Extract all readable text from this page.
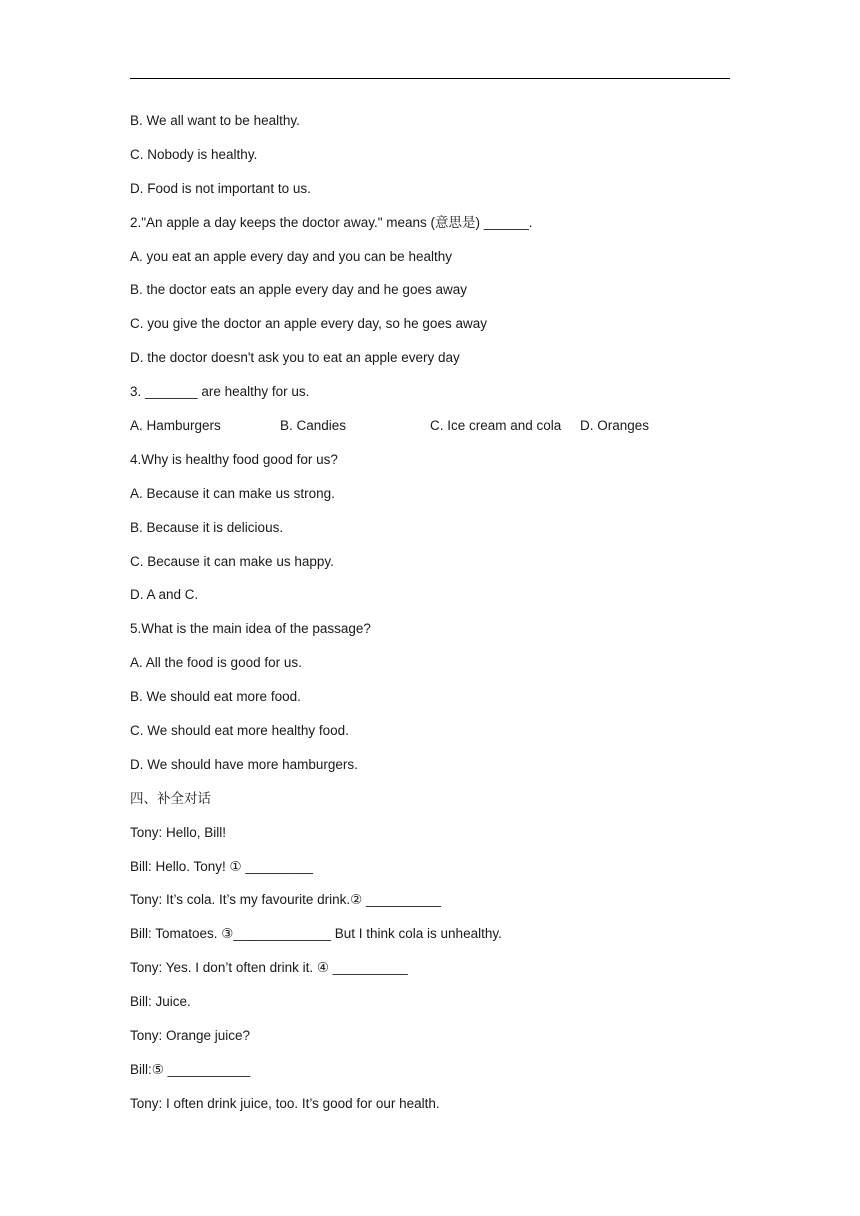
B. We all want to be healthy.
C. Nobody is healthy.
D. Food is not important to us.
2."An apple a day keeps the doctor away." means (意思是) ______.
A. you eat an apple every day and you can be healthy
B. the doctor eats an apple every day and he goes away
C. you give the doctor an apple every day, so he goes away
D. the doctor doesn't ask you to eat an apple every day
3. _______ are healthy for us.
A. Hamburgers	B. Candies	C. Ice cream and cola D. Oranges
4.Why is healthy food good for us?
A. Because it can make us strong.
B. Because it is delicious.
C. Because it can make us happy.
D. A and C.
5.What is the main idea of the passage?
A. All the food is good for us.
B. We should eat more food.
C. We should eat more healthy food.
D. We should have more hamburgers.
四、补全对话
Tony: Hello, Bill!
Bill: Hello. Tony! ① _________
Tony: It’s cola. It’s my favourite drink.② __________
Bill: Tomatoes. ③_____________ But I think cola is unhealthy.
Tony: Yes. I don’t often drink it. ④ __________
Bill: Juice.
Tony: Orange juice?
Bill:⑤ ___________
Tony: I often drink juice, too. It’s good for our health.
